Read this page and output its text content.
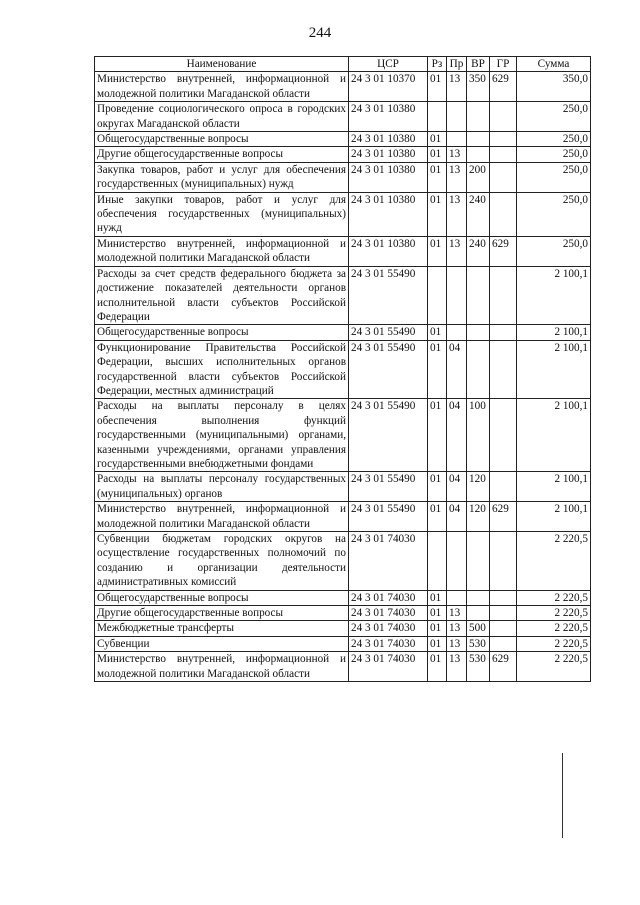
244
Наименование	ЦСР	Рз	Пр	ВР	ГР	Сумма
Министерство внутренней, информационной и молодежной политики Магаданской области	24 3 01 10370	01	13	350	629	350,0
Проведение социологического опроса в городских округах Магаданской области	24 3 01 10380					250,0
Общегосударственные вопросы	24 3 01 10380	01				250,0
Другие общегосударственные вопросы	24 3 01 10380	01	13			250,0
Закупка товаров, работ и услуг для обеспечения государственных (муниципальных) нужд	24 3 01 10380	01	13	200		250,0
Иные закупки товаров, работ и услуг для обеспечения государственных (муниципальных) нужд	24 3 01 10380	01	13	240		250,0
Министерство внутренней, информационной и молодежной политики Магаданской области	24 3 01 10380	01	13	240	629	250,0
Расходы за счет средств федерального бюджета за достижение показателей деятельности органов исполнительной власти субъектов Российской Федерации	24 3 01 55490					2 100,1
Общегосударственные вопросы	24 3 01 55490	01				2 100,1
Функционирование Правительства Российской Федерации, высших исполнительных органов государственной власти субъектов Российской Федерации, местных администраций	24 3 01 55490	01	04			2 100,1
Расходы на выплаты персоналу в целях обеспечения выполнения функций государственными (муниципальными) органами, казенными учреждениями, органами управления государственными внебюджетными фондами	24 3 01 55490	01	04	100		2 100,1
Расходы на выплаты персоналу государственных (муниципальных) органов	24 3 01 55490	01	04	120		2 100,1
Министерство внутренней, информационной и молодежной политики Магаданской области	24 3 01 55490	01	04	120	629	2 100,1
Субвенции бюджетам городских округов на осуществление государственных полномочий по созданию и организации деятельности административных комиссий	24 3 01 74030					2 220,5
Общегосударственные вопросы	24 3 01 74030	01				2 220,5
Другие общегосударственные вопросы	24 3 01 74030	01	13			2 220,5
Межбюджетные трансферты	24 3 01 74030	01	13	500		2 220,5
Субвенции	24 3 01 74030	01	13	530		2 220,5
Министерство внутренней, информационной и молодежной политики Магаданской области	24 3 01 74030	01	13	530	629	2 220,5
